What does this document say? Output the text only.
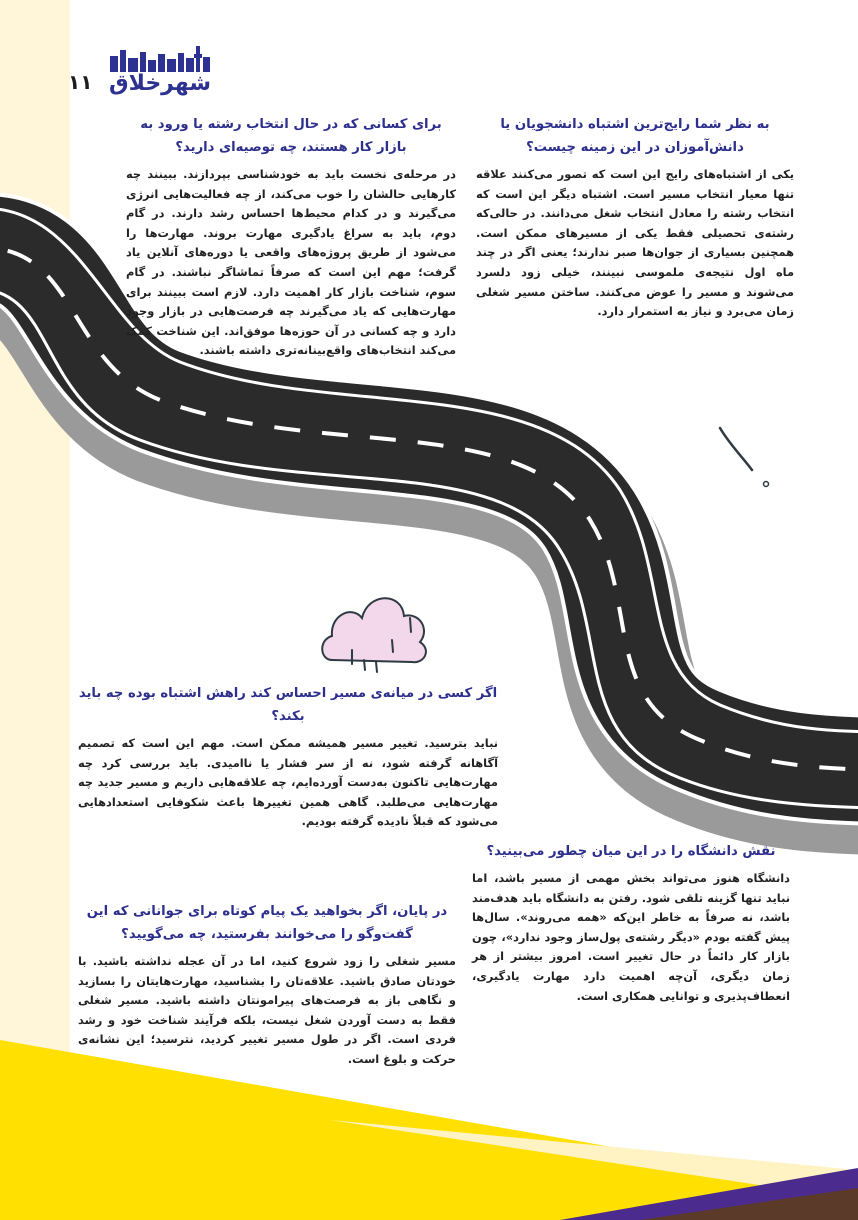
شهرخلاق
۱۱
به نظر شما رایج‌ترین اشتباه دانشجویان یا دانش‌آموزان در این زمینه چیست؟

یکی از اشتباه‌های رایج این است که تصور می‌کنند علاقه تنها معیار انتخاب مسیر است. اشتباه دیگر این است که انتخاب رشته را معادل انتخاب شغل می‌دانند. در حالی‌که رشته‌ی تحصیلی فقط یکی از مسیرهای ممکن است. همچنین بسیاری از جوان‌ها صبر ندارند؛ یعنی اگر در چند ماه اول نتیجه‌ی ملموسی نبینند، خیلی زود دلسرد می‌شوند و مسیر را عوض می‌کنند. ساختن مسیر شغلی زمان می‌برد و نیاز به استمرار دارد.

برای کسانی که در حال انتخاب رشته یا ورود به بازار کار هستند، چه توصیه‌ای دارید؟

در مرحله‌ی نخست باید به خودشناسی بپردازند. ببینند چه کارهایی حالشان را خوب می‌کند، از چه فعالیت‌هایی انرژی می‌گیرند و در کدام محیط‌ها احساس رشد دارند. در گام دوم، باید به سراغ یادگیری مهارت بروند. مهارت‌ها را می‌شود از طریق پروژه‌های واقعی یا دوره‌های آنلاین یاد گرفت؛ مهم این است که صرفاً تماشاگر نباشند. در گام سوم، شناخت بازار کار اهمیت دارد. لازم است ببینند برای مهارت‌هایی که یاد می‌گیرند چه فرصت‌هایی در بازار وجود دارد و چه کسانی در آن حوزه‌ها موفق‌اند. این شناخت کمک می‌کند انتخاب‌های واقع‌بینانه‌تری داشته باشند.

اگر کسی در میانه‌ی مسیر احساس کند راهش اشتباه بوده چه باید بکند؟

نباید بترسید. تغییر مسیر همیشه ممکن است. مهم این است که تصمیم آگاهانه گرفته شود، نه از سر فشار یا ناامیدی. باید بررسی کرد چه مهارت‌هایی تاکنون به‌دست آورده‌ایم، چه علاقه‌هایی داریم و مسیر جدید چه مهارت‌هایی می‌طلبد. گاهی همین تغییرها باعث شکوفایی استعدادهایی می‌شود که قبلاً نادیده گرفته بودیم.

نقش دانشگاه را در این میان چطور می‌بینید؟

دانشگاه هنوز می‌تواند بخش مهمی از مسیر باشد، اما نباید تنها گزینه تلقی شود. رفتن به دانشگاه باید هدف‌مند باشد، نه صرفاً به خاطر این‌که «همه می‌روند». سال‌ها پیش گفته بودم «دیگر رشته‌ی پول‌ساز وجود ندارد»، چون بازار کار دائماً در حال تغییر است. امروز بیشتر از هر زمان دیگری، آن‌چه اهمیت دارد مهارت یادگیری، انعطاف‌پذیری و توانایی همکاری است.

در پایان، اگر بخواهید یک پیام کوتاه برای جوانانی که این گفت‌وگو را می‌خوانند بفرستید، چه می‌گویید؟

مسیر شغلی را زود شروع کنید، اما در آن عجله نداشته باشید. با خودتان صادق باشید. علاقه‌تان را بشناسید، مهارت‌هایتان را بسازید و نگاهی باز به فرصت‌های پیرامونتان داشته باشید. مسیر شغلی فقط به دست آوردن شغل نیست، بلکه فرآیند شناخت خود و رشد فردی است. اگر در طول مسیر تغییر کردید، نترسید؛ این نشانه‌ی حرکت و بلوغ است.
